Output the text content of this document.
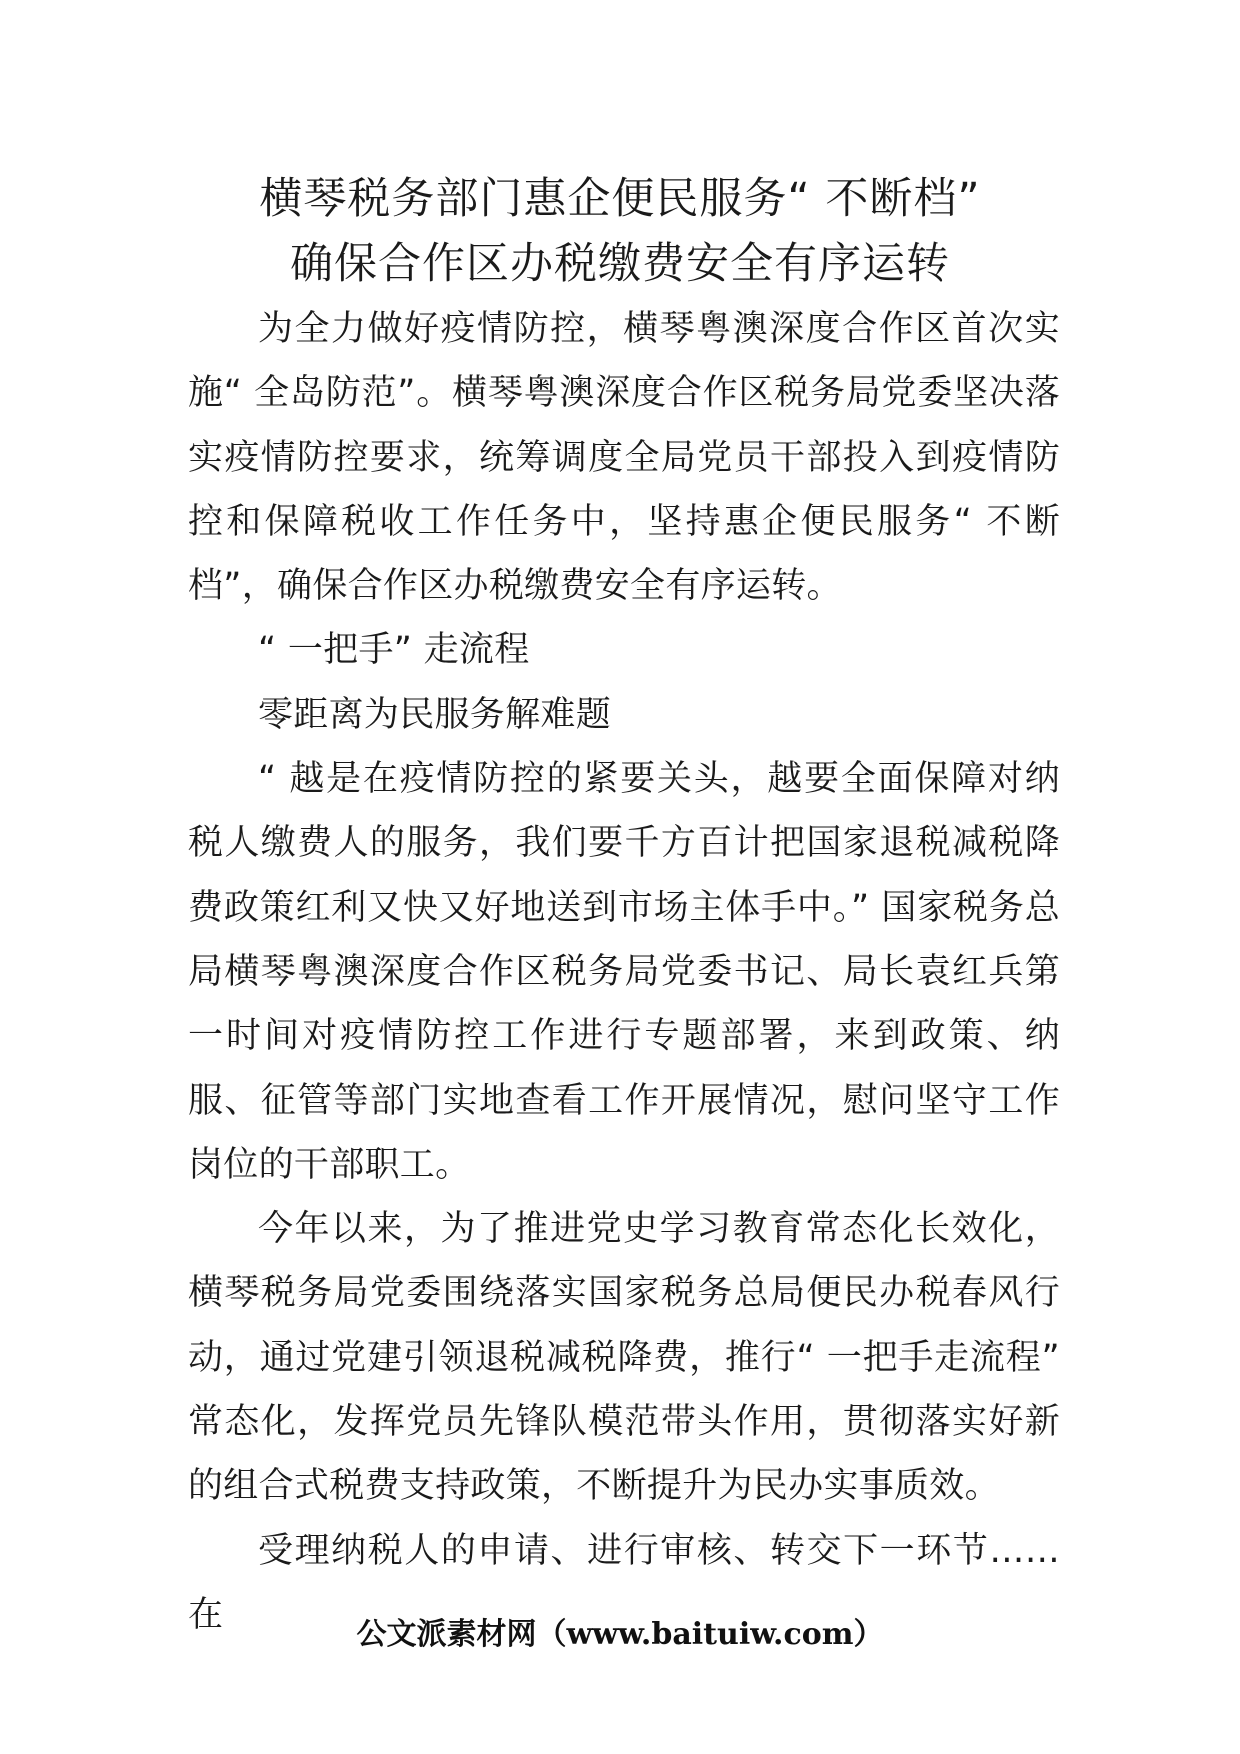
横琴税务部门惠企便民服务“ 不断档”
确保合作区办税缴费安全有序运转

为全力做好疫情防控，横琴粤澳深度合作区首次实施“ 全岛防范”。横琴粤澳深度合作区税务局党委坚决落实疫情防控要求，统筹调度全局党员干部投入到疫情防控和保障税收工作任务中，坚持惠企便民服务“ 不断档”，确保合作区办税缴费安全有序运转。

“ 一把手” 走流程

零距离为民服务解难题

“ 越是在疫情防控的紧要关头，越要全面保障对纳税人缴费人的服务，我们要千方百计把国家退税减税降费政策红利又快又好地送到市场主体手中。” 国家税务总局横琴粤澳深度合作区税务局党委书记、局长袁红兵第一时间对疫情防控工作进行专题部署，来到政策、纳服、征管等部门实地查看工作开展情况，慰问坚守工作岗位的干部职工。

今年以来，为了推进党史学习教育常态化长效化，横琴税务局党委围绕落实国家税务总局便民办税春风行动，通过党建引领退税减税降费，推行“ 一把手走流程” 常态化，发挥党员先锋队模范带头作用，贯彻落实好新的组合式税费支持政策，不断提升为民办实事质效。

受理纳税人的申请、进行审核、转交下一环节……在	公文派素材网（www.baituiw.com）
